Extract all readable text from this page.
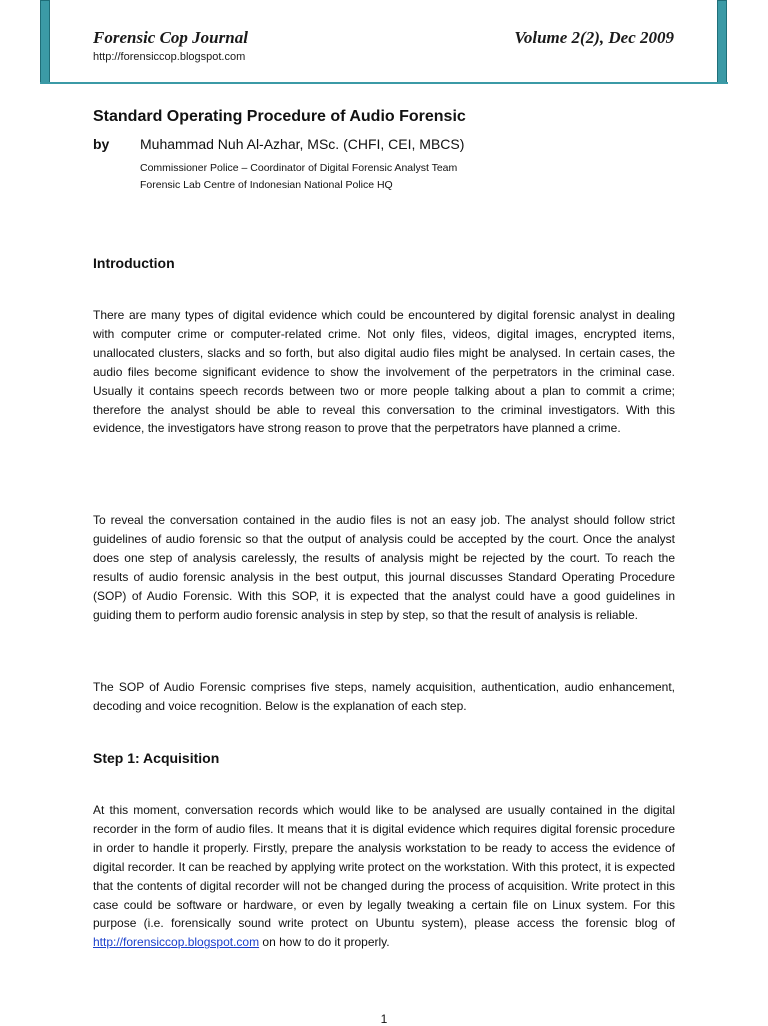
Forensic Cop Journal	Volume 2(2), Dec 2009
http://forensiccop.blogspot.com
Standard Operating Procedure of Audio Forensic
by Muhammad Nuh Al-Azhar, MSc. (CHFI, CEI, MBCS)
Commissioner Police – Coordinator of Digital Forensic Analyst Team
Forensic Lab Centre of Indonesian National Police HQ
Introduction

There are many types of digital evidence which could be encountered by digital forensic analyst in dealing with computer crime or computer-related crime. Not only files, videos, digital images, encrypted items, unallocated clusters, slacks and so forth, but also digital audio files might be analysed. In certain cases, the audio files become significant evidence to show the involvement of the perpetrators in the criminal case. Usually it contains speech records between two or more people talking about a plan to commit a crime; therefore the analyst should be able to reveal this conversation to the criminal investigators. With this evidence, the investigators have strong reason to prove that the perpetrators have planned a crime.

To reveal the conversation contained in the audio files is not an easy job. The analyst should follow strict guidelines of audio forensic so that the output of analysis could be accepted by the court. Once the analyst does one step of analysis carelessly, the results of analysis might be rejected by the court. To reach the results of audio forensic analysis in the best output, this journal discusses Standard Operating Procedure (SOP) of Audio Forensic. With this SOP, it is expected that the analyst could have a good guidelines in guiding them to perform audio forensic analysis in step by step, so that the result of analysis is reliable.

The SOP of Audio Forensic comprises five steps, namely acquisition, authentication, audio enhancement, decoding and voice recognition. Below is the explanation of each step.

Step 1: Acquisition

At this moment, conversation records which would like to be analysed are usually contained in the digital recorder in the form of audio files. It means that it is digital evidence which requires digital forensic procedure in order to handle it properly. Firstly, prepare the analysis workstation to be ready to access the evidence of digital recorder. It can be reached by applying write protect on the workstation. With this protect, it is expected that the contents of digital recorder will not be changed during the process of acquisition. Write protect in this case could be software or hardware, or even by legally tweaking a certain file on Linux system. For this purpose (i.e. forensically sound write protect on Ubuntu system), please access the forensic blog of http://forensiccop.blogspot.com on how to do it properly.

1
